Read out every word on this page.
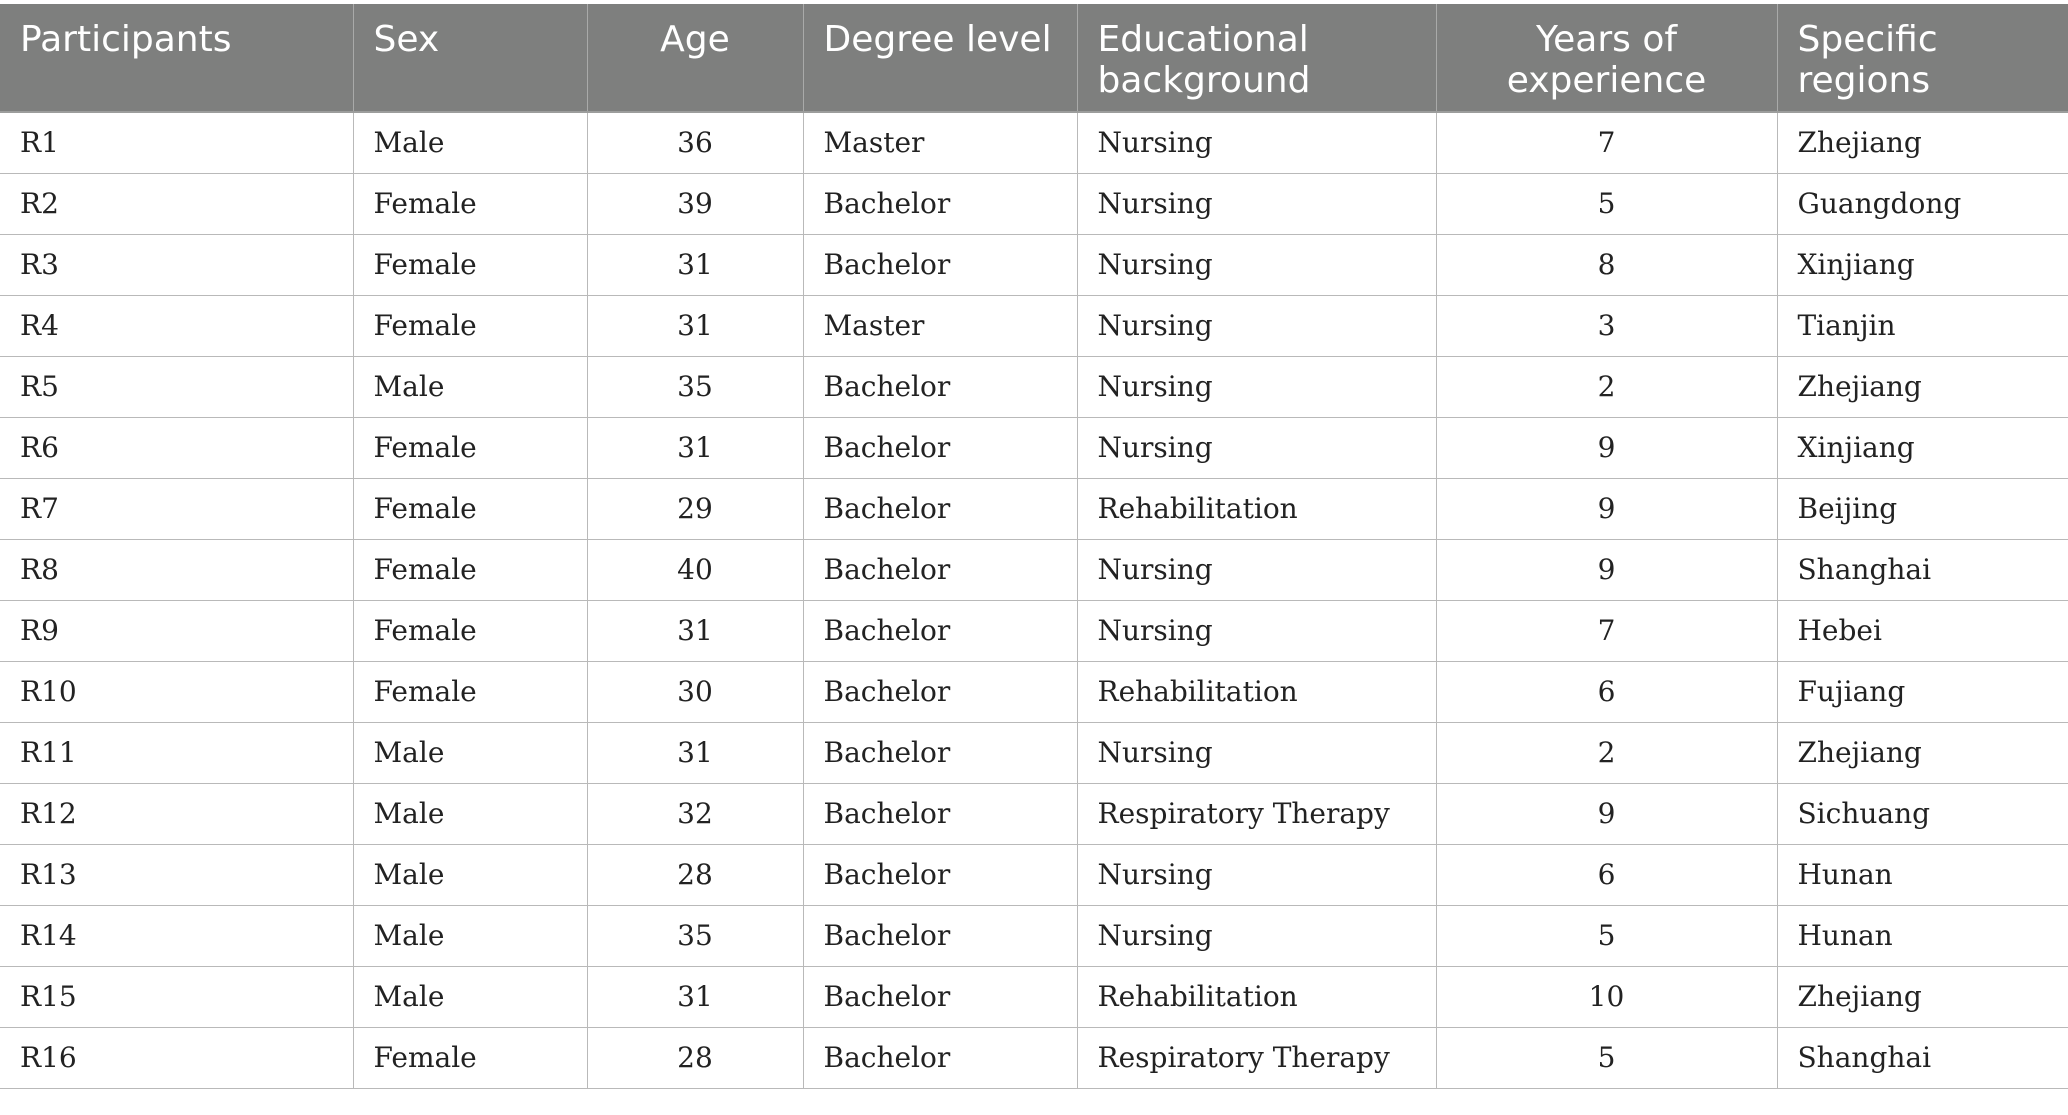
Participants	Sex	Age	Degree level	Educational background	Years of experience	Specific regions
R1	Male	36	Master	Nursing	7	Zhejiang
R2	Female	39	Bachelor	Nursing	5	Guangdong
R3	Female	31	Bachelor	Nursing	8	Xinjiang
R4	Female	31	Master	Nursing	3	Tianjin
R5	Male	35	Bachelor	Nursing	2	Zhejiang
R6	Female	31	Bachelor	Nursing	9	Xinjiang
R7	Female	29	Bachelor	Rehabilitation	9	Beijing
R8	Female	40	Bachelor	Nursing	9	Shanghai
R9	Female	31	Bachelor	Nursing	7	Hebei
R10	Female	30	Bachelor	Rehabilitation	6	Fujiang
R11	Male	31	Bachelor	Nursing	2	Zhejiang
R12	Male	32	Bachelor	Respiratory Therapy	9	Sichuang
R13	Male	28	Bachelor	Nursing	6	Hunan
R14	Male	35	Bachelor	Nursing	5	Hunan
R15	Male	31	Bachelor	Rehabilitation	10	Zhejiang
R16	Female	28	Bachelor	Respiratory Therapy	5	Shanghai
